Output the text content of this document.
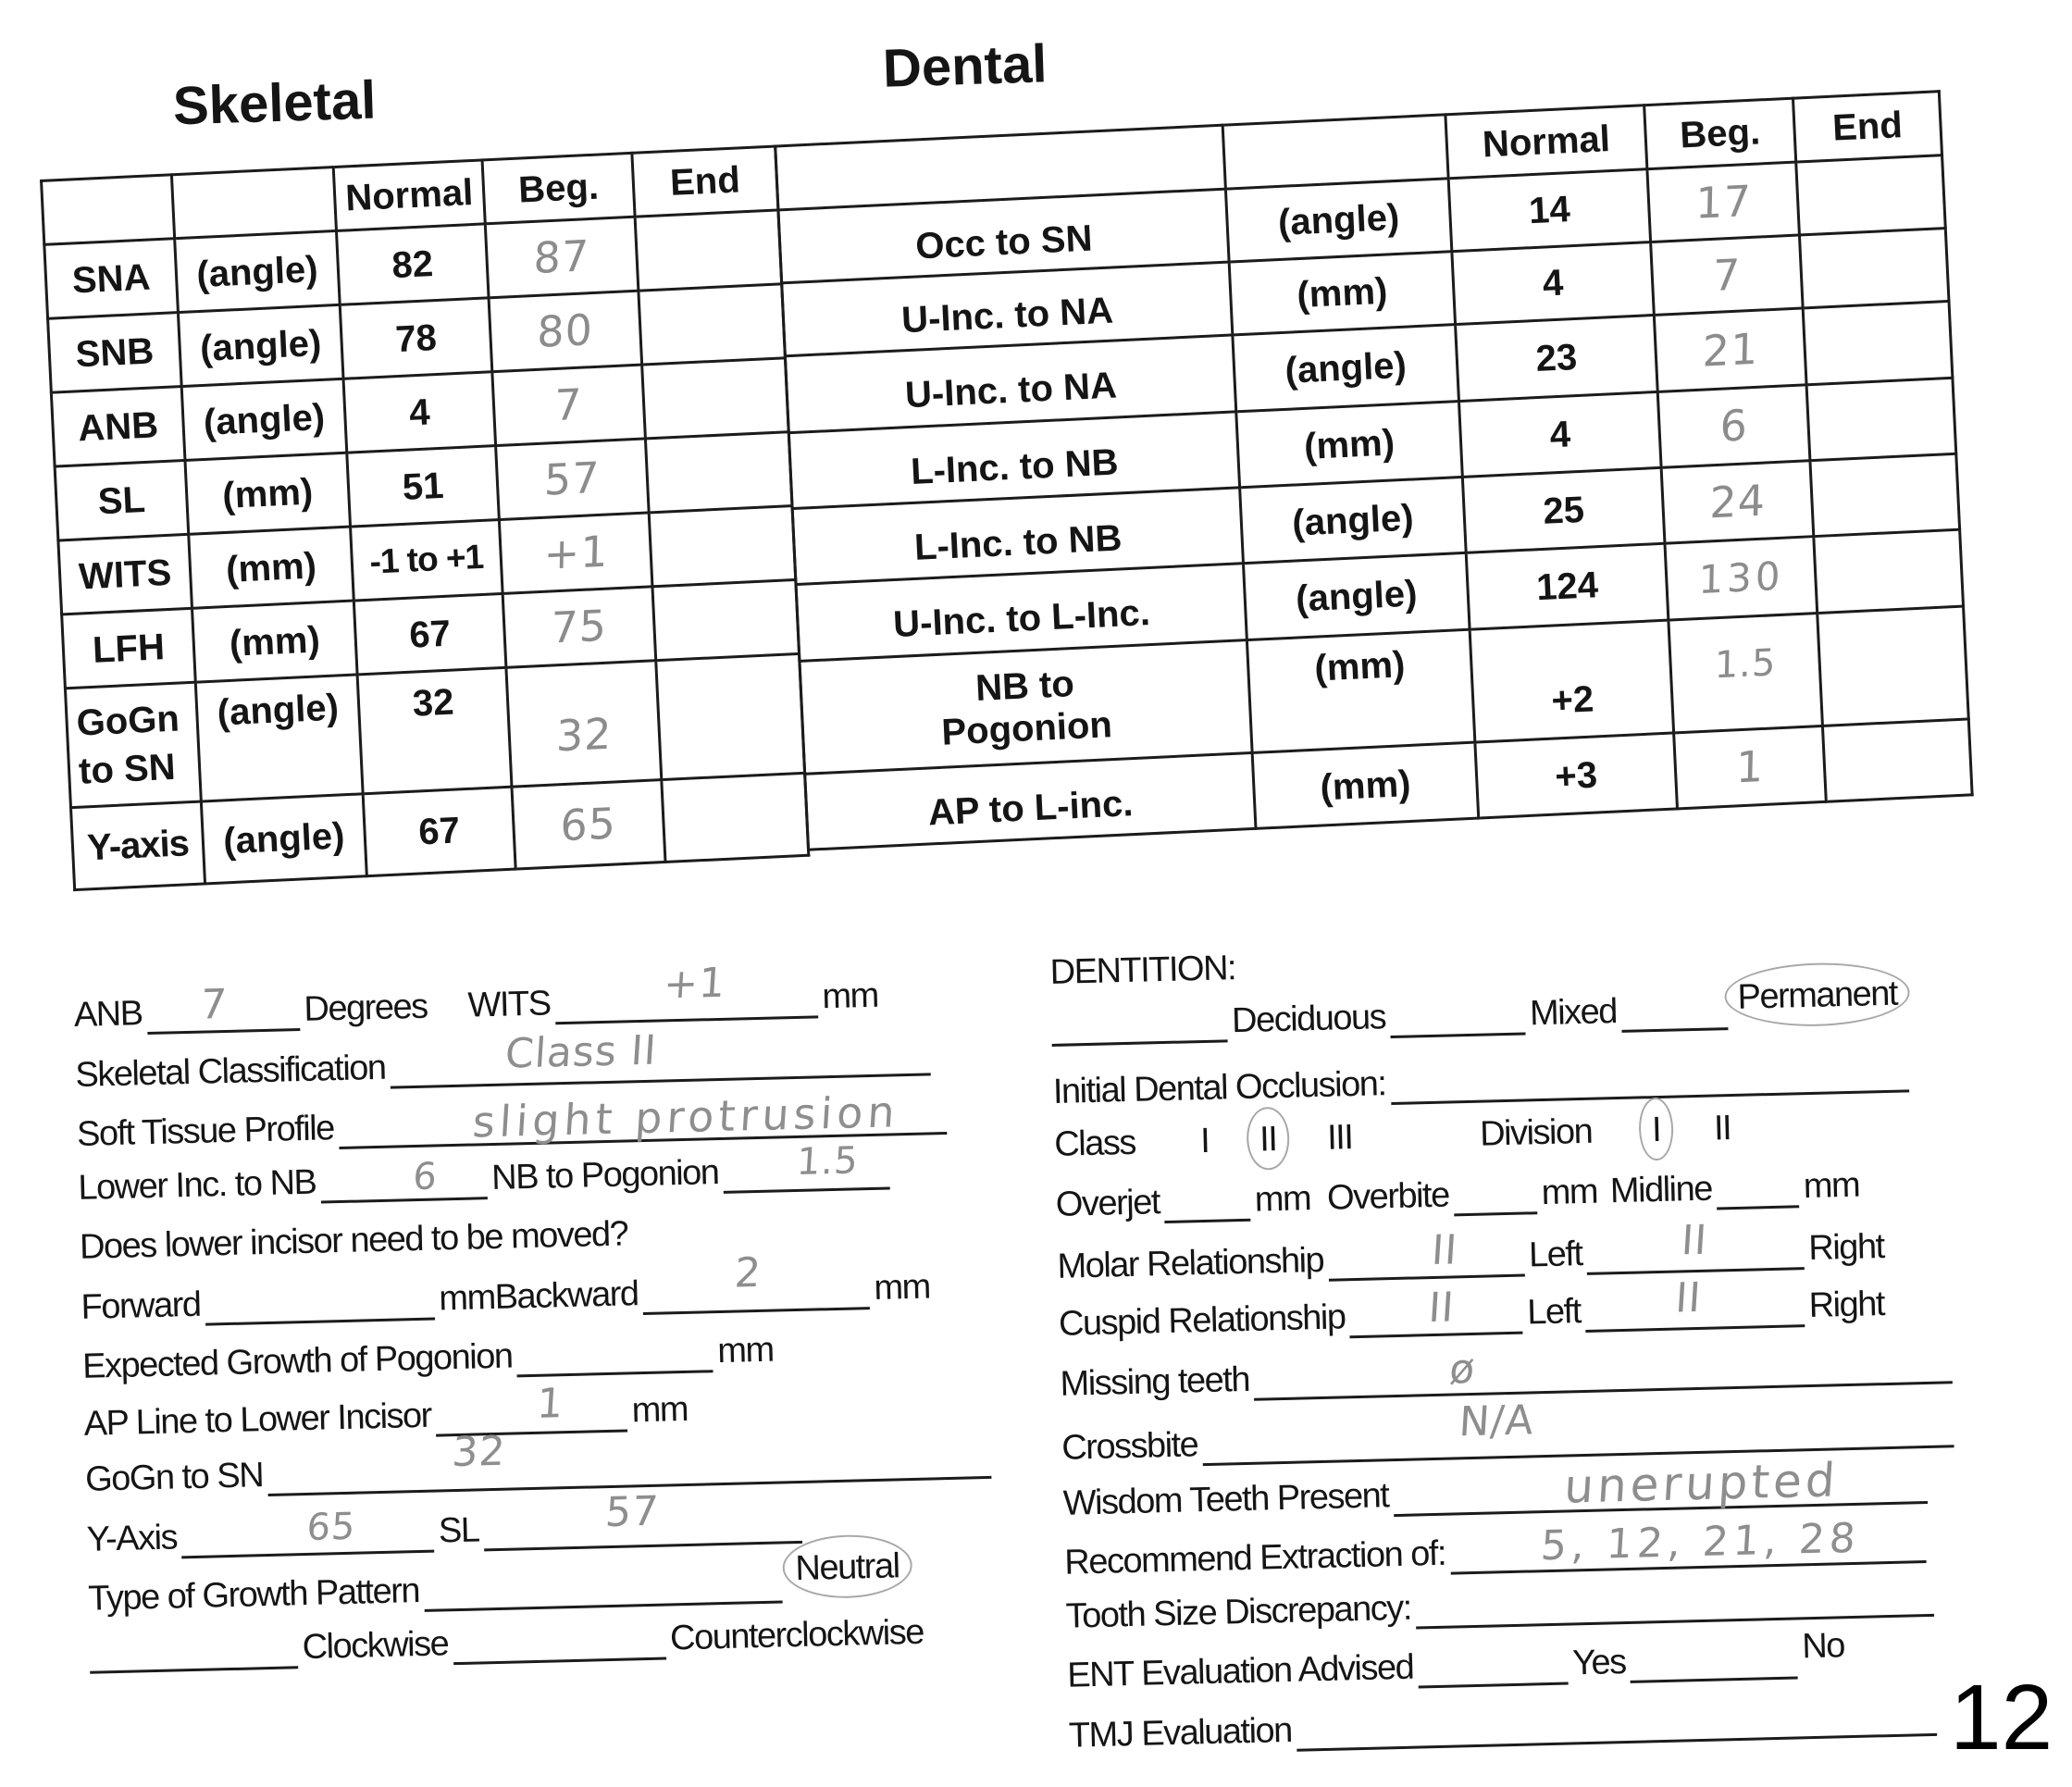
Skeletal
Dental
		Normal	Beg.	End
SNA	(angle)	82	87	
SNB	(angle)	78	80	
ANB	(angle)	4	7	
SL	(mm)	51	57	
WITS	(mm)	-1 to +1	+1	
LFH	(mm)	67	75	
GoGn to SN	(angle)	32	32	
Y-axis	(angle)	67	65	
		Normal	Beg.	End
Occ to SN	(angle)	14	17	
U-Inc. to NA	(mm)	4	7	
U-Inc. to NA	(angle)	23	21	
L-Inc. to NB	(mm)	4	6	
L-Inc. to NB	(angle)	25	24	
U-Inc. to L-Inc.	(angle)	124	130	
NB to Pogonion	(mm)	+2	1.5	
AP to L-inc.	(mm)	+3	1	
ANB 7 Degrees WITS	+1	mm
Skeletal Classification	Class II
Soft Tissue Profile	slight protrusion
Lower Inc. to NB	6 NB to Pogonion 1.5
Does lower incisor need to be moved?
Forward	mm
Backward 2	mm
Expected Growth of Pogonion	mm
AP Line to Lower Incisor	1 mm
GoGn to SN
32
Y-Axis	65 SL	57
Type of Growth Pattern
Neutral
Clockwise	Counterclockwise
DENTITION:
Deciduous	Mixed	Permanent
Initial Dental Occlusion:
Class I II III	Division I II
Overjet	mm Overbite	mm Midline	mm
Molar Relationship	II Left II	Right
Cuspid Relationship II Left II	Right
Missing teeth	ø
Crossbite
N/A
Wisdom Teeth Present	unerupted
Recommend Extraction of: 5, 12, 21, 28
Tooth Size Discrepancy:
ENT Evaluation Advised	Yes	No
TMJ Evaluation	12
